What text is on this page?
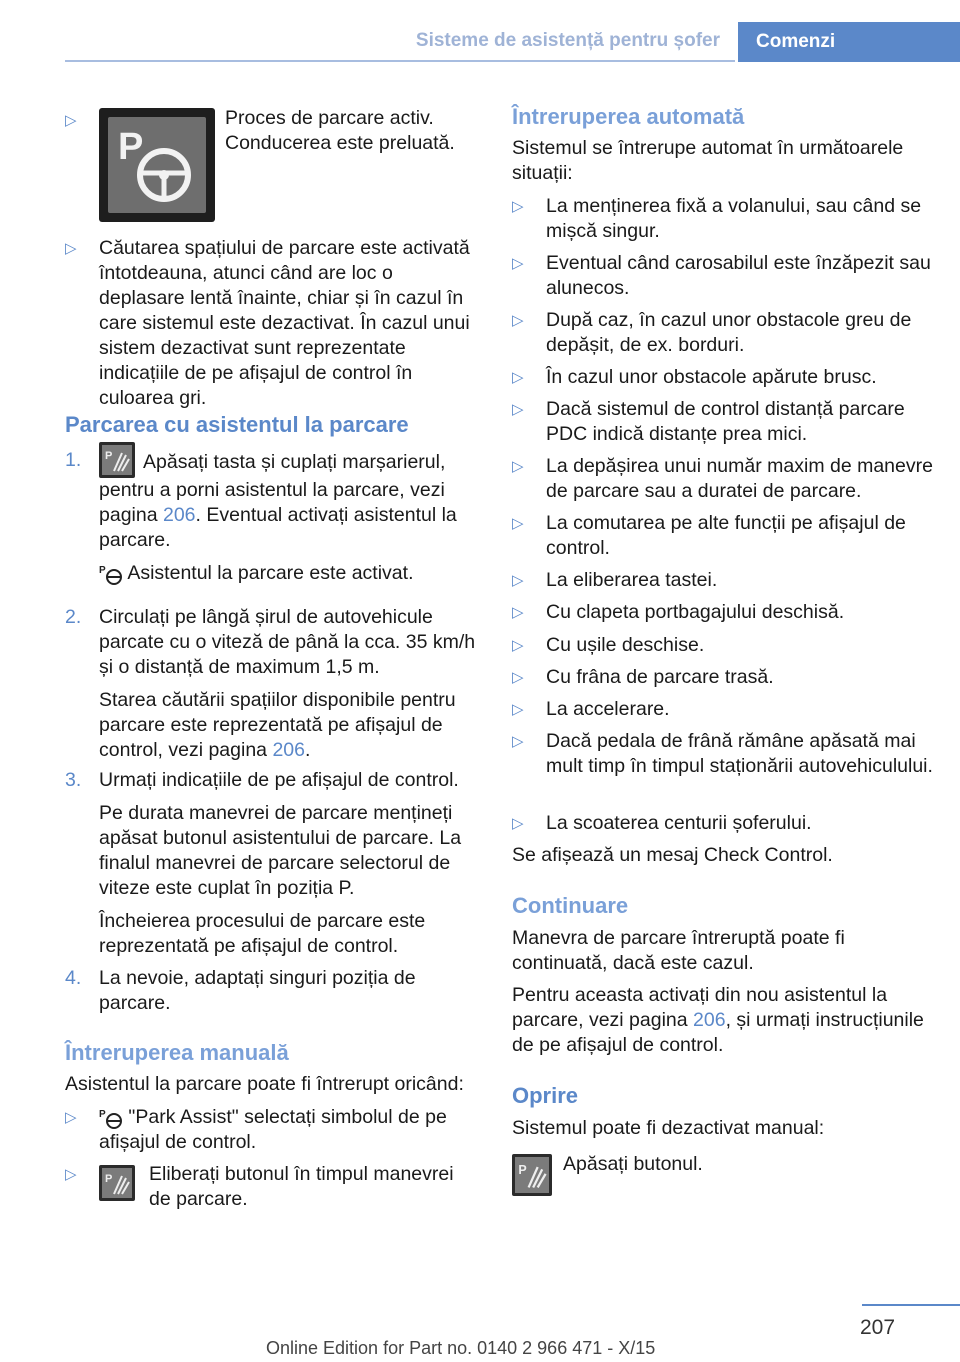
Sisteme de asistență pentru șofer	Comenzi
▷
P
Proces de parcare activ. Conducerea este preluată.
▷ Căutarea spațiului de parcare este activată întotdeauna, atunci când are loc o deplasare lentă înainte, chiar și în cazul în care sistemul este dezactivat. În cazul unui sistem dezactivat sunt reprezentate indicațiile de pe afișajul de control în culoarea gri.
Parcarea cu asistentul la parcare
1. P Apăsați tasta și cuplați marșarierul, pentru a porni asistentul la parcare, vezi pagina 206. Eventual activați asistentul la parcare.
P Asistentul la parcare este activat.
2. Circulați pe lângă șirul de autovehicule parcate cu o viteză de până la cca. 35 km/h și o distanță de maximum 1,5 m.
Starea căutării spațiilor disponibile pentru parcare este reprezentată pe afișajul de control, vezi pagina 206.
3. Urmați indicațiile de pe afișajul de control.
Pe durata manevrei de parcare mențineți apăsat butonul asistentului de parcare. La finalul manevrei de parcare selectorul de viteze este cuplat în poziția P.
Încheierea procesului de parcare este reprezentată pe afișajul de control.
4. La nevoie, adaptați singuri poziția de parcare.
Întreruperea manuală
Asistentul la parcare poate fi întrerupt oricând:
▷ P "Park Assist" selectați simbolul de pe afișajul de control.
▷	P Eliberați butonul în timpul manevrei de parcare.
Întreruperea automată
Sistemul se întrerupe automat în următoarele situații:
▷ La menținerea fixă a volanului, sau când se mișcă singur.
▷ Eventual când carosabilul este înzăpezit sau alunecos.
▷ După caz, în cazul unor obstacole greu de depășit, de ex. borduri.
▷ În cazul unor obstacole apărute brusc.
▷ Dacă sistemul de control distanță parcare PDC indică distanțe prea mici.
▷ La depășirea unui număr maxim de manevre de parcare sau a duratei de parcare.
▷ La comutarea pe alte funcții pe afișajul de control.
▷ La eliberarea tastei.
▷ Cu clapeta portbagajului deschisă.
▷ Cu ușile deschise.
▷ Cu frâna de parcare trasă.
▷ La accelerare.
▷ Dacă pedala de frână rămâne apăsată mai mult timp în timpul staționării autovehiculului.
▷ La scoaterea centurii șoferului.
Se afișează un mesaj Check Control.
Continuare
Manevra de parcare întreruptă poate fi continuată, dacă este cazul.
Pentru aceasta activați din nou asistentul la parcare, vezi pagina 206, și urmați instrucțiunile de pe afișajul de control.
Oprire
Sistemul poate fi dezactivat manual:
P Apăsați butonul.
207
Online Edition for Part no. 0140 2 966 471 - X/15
